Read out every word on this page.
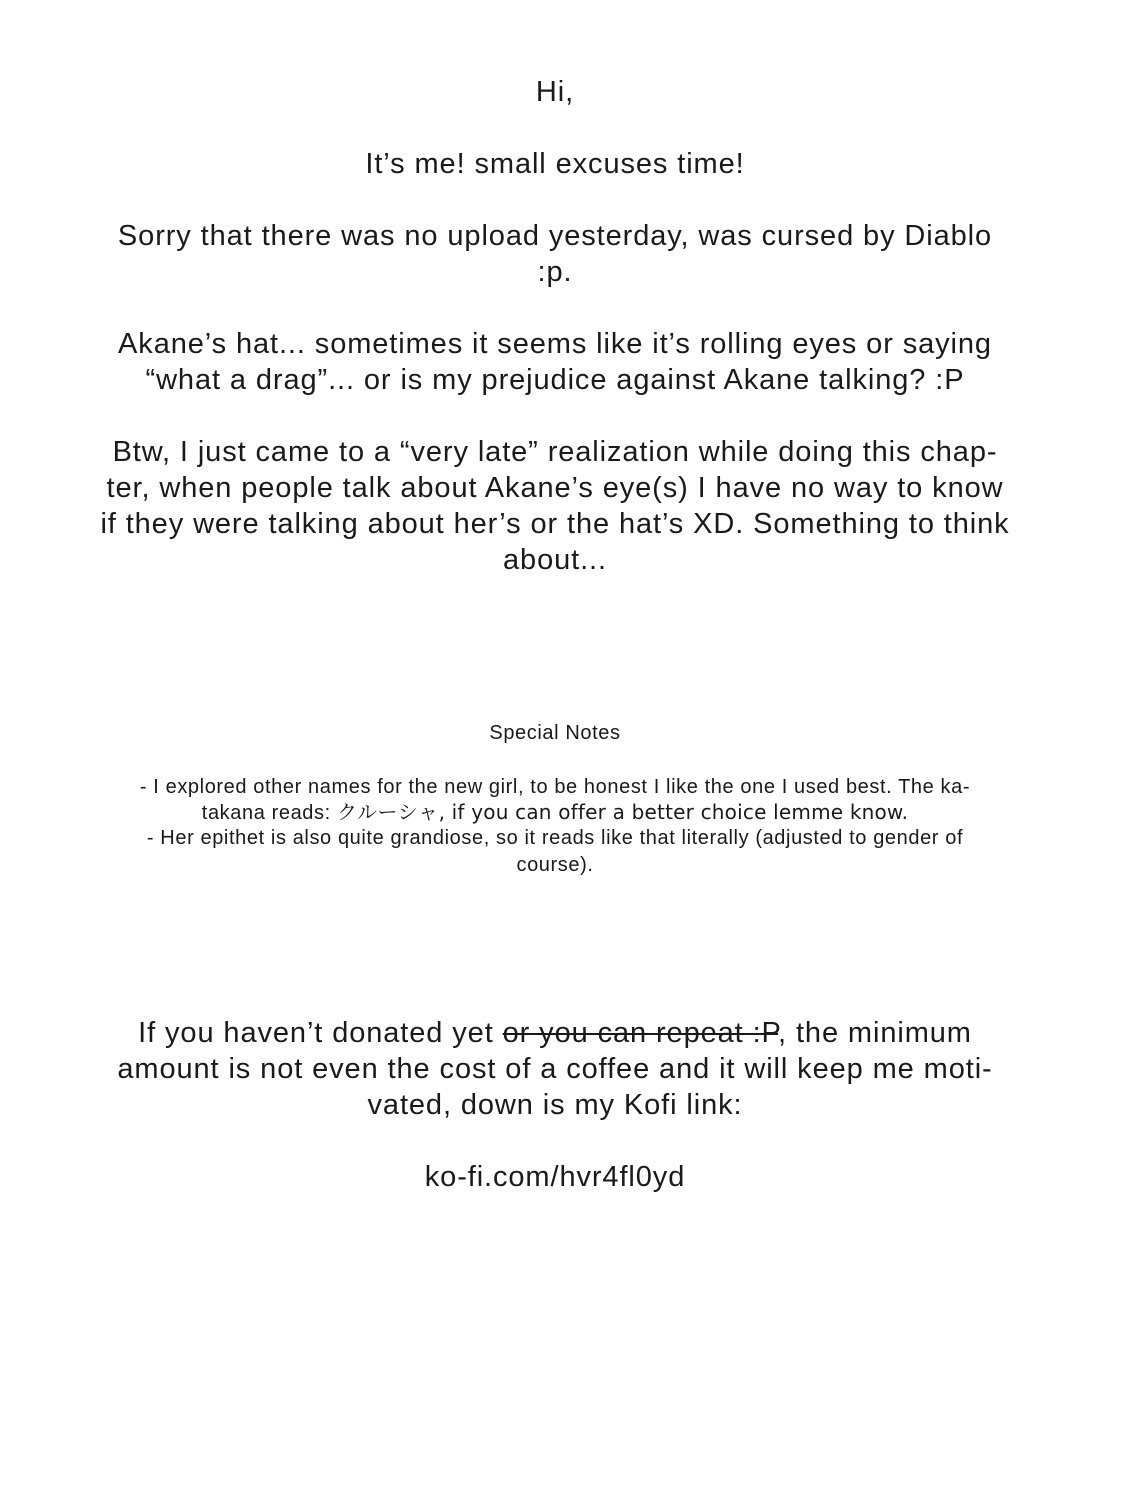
Hi,

It’s me! small excuses time!

Sorry that there was no upload yesterday, was cursed by Diablo

:p.

Akane’s hat... sometimes it seems like it’s rolling eyes or saying

“what a drag”... or is my prejudice against Akane talking? :P

Btw, I just came to a “very late” realization while doing this chap-

ter, when people talk about Akane’s eye(s) I have no way to know

if they were talking about her’s or the hat’s XD. Something to think

about...

Special Notes

- I explored other names for the new girl, to be honest I like the one I used best. The ka-

takana reads: クルーシャ, if you can offer a better choice lemme know.

- Her epithet is also quite grandiose, so it reads like that literally (adjusted to gender of

course).

If you haven’t donated yet or you can repeat :P, the minimum

amount is not even the cost of a coffee and it will keep me moti-

vated, down is my Kofi link:

ko-fi.com/hvr4fl0yd
